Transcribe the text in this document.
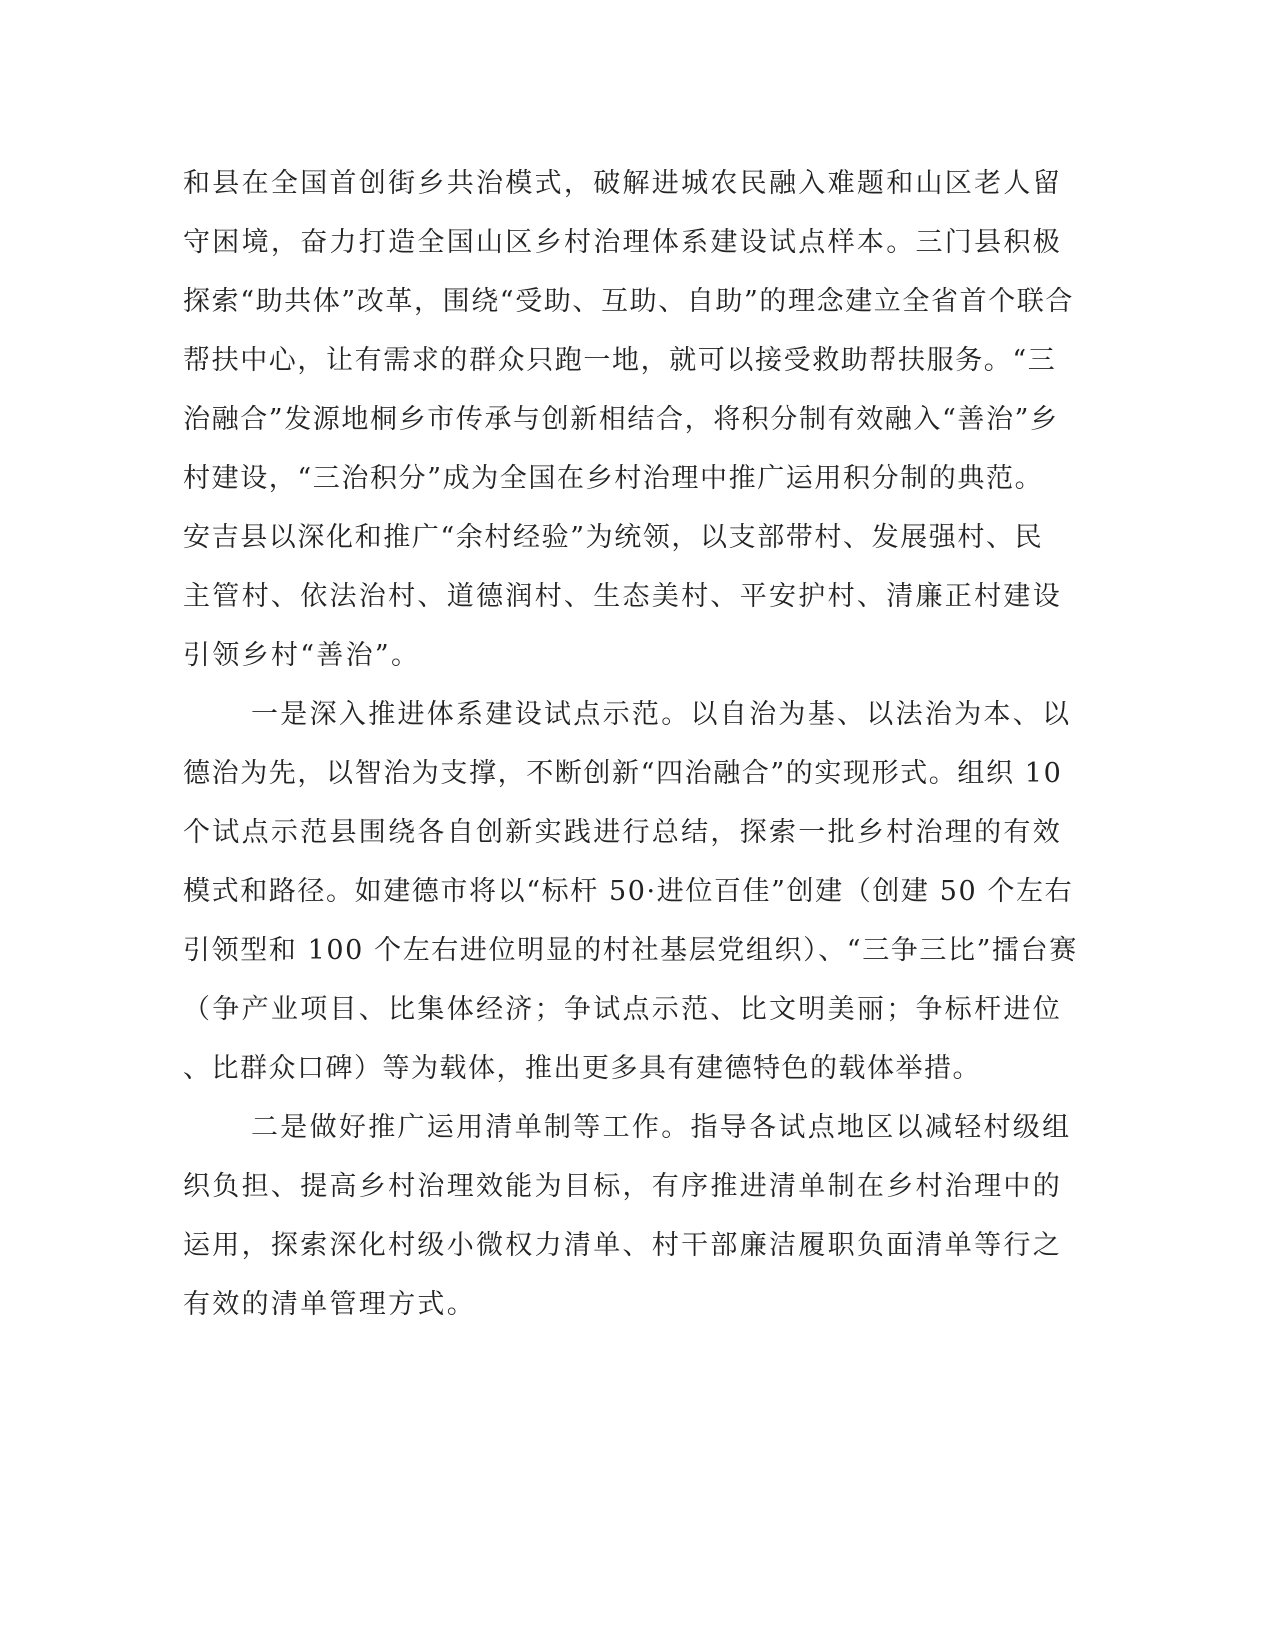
和县在全国首创街乡共治模式，破解进城农民融入难题和山区老人留
守困境，奋力打造全国山区乡村治理体系建设试点样本。三门县积极
探索“助共体”改革，围绕“受助、互助、自助”的理念建立全省首个联合
帮扶中心，让有需求的群众只跑一地，就可以接受救助帮扶服务。“三
治融合”发源地桐乡市传承与创新相结合，将积分制有效融入“善治”乡
村建设，“三治积分”成为全国在乡村治理中推广运用积分制的典范。
安吉县以深化和推广“余村经验”为统领，以支部带村、发展强村、民
主管村、依法治村、道德润村、生态美村、平安护村、清廉正村建设
引领乡村“善治”。
一是深入推进体系建设试点示范。以自治为基、以法治为本、以
德治为先，以智治为支撑，不断创新“四治融合”的实现形式。组织 10
个试点示范县围绕各自创新实践进行总结，探索一批乡村治理的有效
模式和路径。如建德市将以“标杆 50·进位百佳”创建（创建 50 个左右
引领型和 100 个左右进位明显的村社基层党组织）、“三争三比”擂台赛
（争产业项目、比集体经济；争试点示范、比文明美丽；争标杆进位
、比群众口碑）等为载体，推出更多具有建德特色的载体举措。
二是做好推广运用清单制等工作。指导各试点地区以减轻村级组
织负担、提高乡村治理效能为目标，有序推进清单制在乡村治理中的
运用，探索深化村级小微权力清单、村干部廉洁履职负面清单等行之
有效的清单管理方式。
